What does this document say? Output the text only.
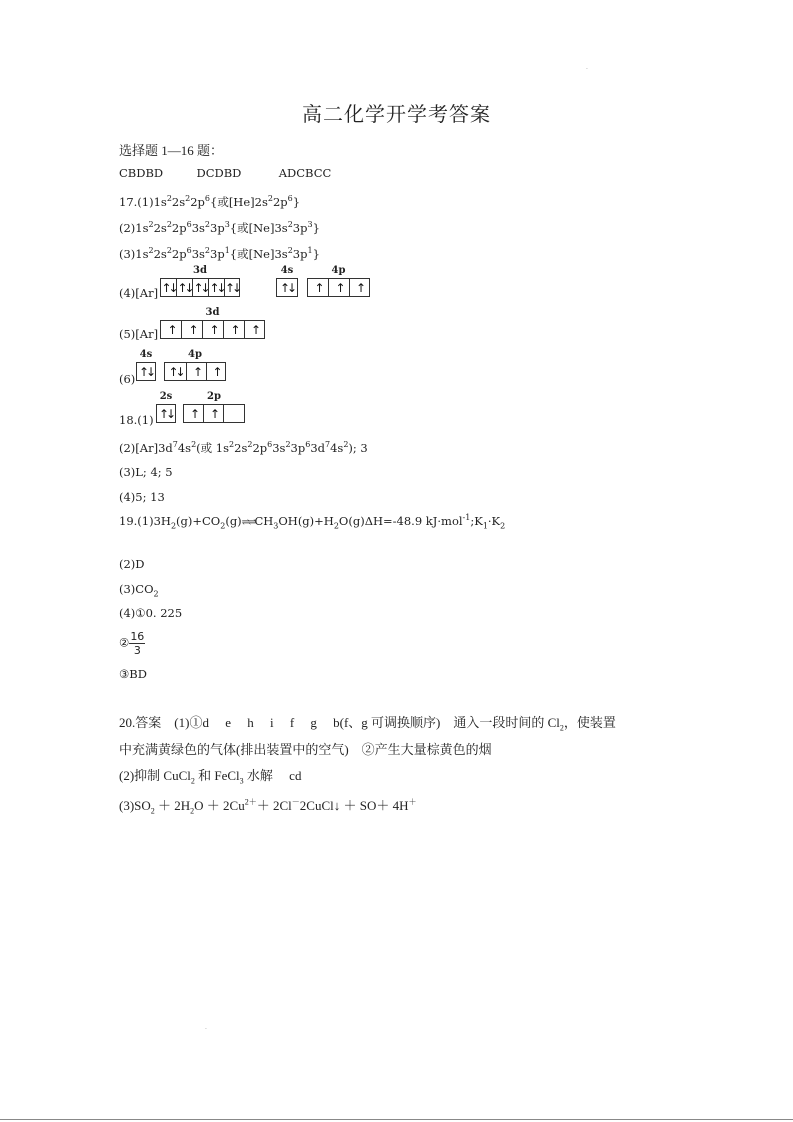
.
高二化学开学考答案
选择题 1—16 题：
CBDBD	DCDBD	ADCBCC
$17.(1)1s^22s^22p^6${或$[He]2s^22p^6$}
$(2)1s^22s^22p^63s^23p^3${或$[Ne]3s^23p^3$}
$(3)1s^22s^22p^63s^23p^1${或$[Ne]3s^23p^1$}
(4)[Ar]
3d
↑↓ ↑↓ ↑↓ ↑↓↑↓
4s
↑↓
4p
↑ ↑ ↑
(5)[Ar]
3d
↑ ↑ ↑ ↑ ↑
(6)
4s
↑↓
4p
↑↓ ↑ ↑
18.(1)
2s
↑↓
2p
↑ ↑
$(2)[Ar]3d^74s^2$(或 $1s^22s^22p^63s^23p^63d^74s^2$); 3
(3)L; 4; 5
(4)5; 13
$19.(1)3H_2(g)+CO_2(g)\rightleftharpoons\rightleftharpoons CH_3OH(g)+H_2O(g)\Delta H=-48.9$ $kJ\cdot mol^{-1};K_1\cdot K_2$
(2)D
$(3)CO_2$
(4)①0. 225
② $\frac{16}{3}$
③BD
20.答案　 (1)①d　 e　 h　 i　 f　 g　 b(f、g 可调换顺序)　通入一段时间的 $Cl_2$，使装置
中充满黄绿色的气体(排出装置中的空气)　②产生大量棕黄色的烟
(2)抑制 CuCl$_2$ 和 FeCl$_3$ 水解　 cd
$(3)SO_2 + 2H_2O + 2Cu^{2+}+$ 2Cl－2CuCl↓ ＋ SO＋ 4H＋
.
